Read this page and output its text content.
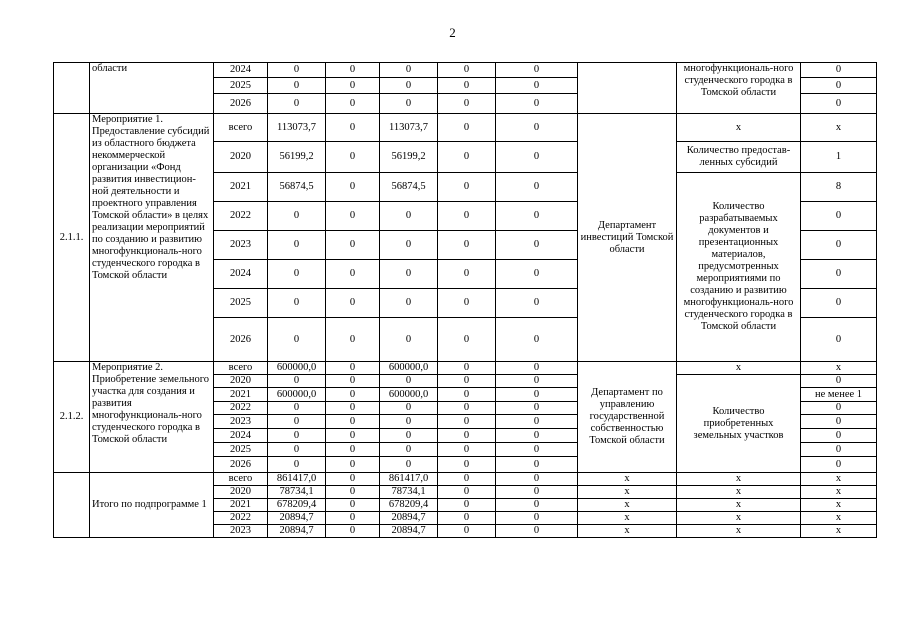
2
	области	2024	0	0	0	0	0		многофункциональ-ного студенческого городка в Томской области	0
		2025	0	0	0	0	0			0
		2026	0	0	0	0	0			0
2.1.1.	Мероприятие 1. Предоставление субсидий из областного бюджета некоммерческой организации «Фонд развития инвестицион-ной деятельности и проектного управления Томской области» в целях реализации мероприятий по созданию и развитию многофункциональ-ного студенческого городка в Томской области	всего	113073,7	0	113073,7	0	0	Департамент инвестиций Томской области	x	x
		2020	56199,2	0	56199,2	0	0		Количество предостав-ленных субсидий	1
		2021	56874,5	0	56874,5	0	0		Количество разрабатываемых документов и презентационных материалов, предусмотренных мероприятиями по созданию и развитию многофункциональ-ного студенческого городка в Томской области	8
		2022	0	0	0	0	0			0
		2023	0	0	0	0	0			0
		2024	0	0	0	0	0			0
		2025	0	0	0	0	0			0
		2026	0	0	0	0	0			0
2.1.2.	Мероприятие 2. Приобретение земельного участка для создания и развития многофункциональ-ного студенческого городка в Томской области	всего	600000,0	0	600000,0	0	0	Департамент по управлению государственной собственностью Томской области	x	x
		2020	0	0	0	0	0		Количество приобретенных земельных участков	0
		2021	600000,0	0	600000,0	0	0			не менее 1
		2022	0	0	0	0	0			0
		2023	0	0	0	0	0			0
		2024	0	0	0	0	0			0
		2025	0	0	0	0	0			0
		2026	0	0	0	0	0			0
	Итого по подпрограмме 1	всего	861417,0	0	861417,0	0	0	x	x	x
		2020	78734,1	0	78734,1	0	0	x	x	x
		2021	678209,4	0	678209,4	0	0	x	x	x
		2022	20894,7	0	20894,7	0	0	x	x	x
		2023	20894,7	0	20894,7	0	0	x	x	x
